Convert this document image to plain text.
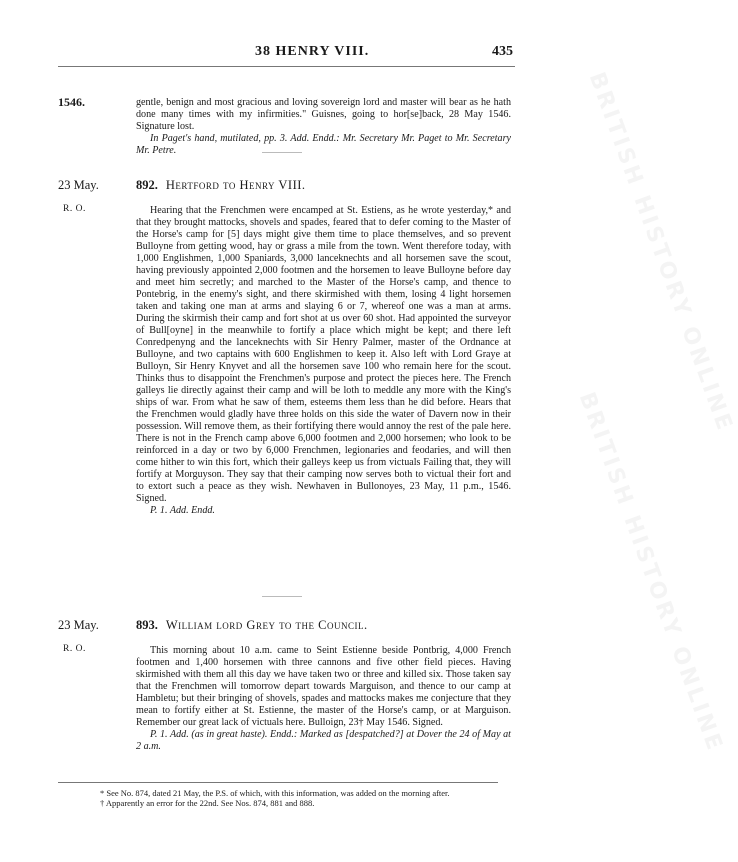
38 HENRY VIII.	435
1546.	gentle, benign and most gracious and loving sovereign lord and master will bear as he hath done many times with my infirmities." Guisnes, going to hor[se]back, 28 May 1546. Signature lost.
In Paget's hand, mutilated, pp. 3. Add. Endd.: Mr. Secretary Mr. Paget to Mr. Secretary Mr. Petre.
23 May.
R. O.
892. Hertford to Henry VIII.
Hearing that the Frenchmen were encamped at St. Estiens, as he wrote yesterday,* and that they brought mattocks, shovels and spades, feared that to defer coming to the Master of the Horse's camp for [5] days might give them time to place themselves, and so prevent Bulloyne from getting wood, hay or grass a mile from the town. Went therefore today, with 1,000 Englishmen, 1,000 Spaniards, 3,000 lanceknechts and all horsemen save the scout, having previously appointed 2,000 footmen and the horsemen to leave Bulloyne before day and meet him secretly; and marched to the Master of the Horse's camp, and thence to Pontebrig, in the enemy's sight, and there skirmished with them, losing 4 light horsemen taken and taking one man at arms and slaying 6 or 7, whereof one was a man at arms. During the skirmish their camp and fort shot at us over 60 shot. Had appointed the surveyor of Bull[oyne] in the meanwhile to fortify a place which might be kept; and there left Conredpenyng and the lanceknechts with Sir Henry Palmer, master of the Ordnance at Bulloyne, and two captains with 600 Englishmen to keep it. Also left with Lord Graye at Bulloyn, Sir Henry Knyvet and all the horsemen save 100 who remain here for the scout. Thinks thus to disappoint the Frenchmen's purpose and protect the pieces here. The French galleys lie directly against their camp and will be loth to meddle any more with the King's ships of war. From what he saw of them, esteems them less than he did before. Hears that the Frenchmen would gladly have three holds on this side the water of Davern now in their possession. Will remove them, as their fortifying there would annoy the rest of the pale here. There is not in the French camp above 6,000 footmen and 2,000 horsemen; who look to be reinforced in a day or two by 6,000 Frenchmen, legionaries and feodaries, and will then come hither to win this fort, which their galleys keep us from victuals Failing that, they will fortify at Morguyson. They say that their camping now serves both to victual their fort and to extort such a peace as they wish. Newhaven in Bullonoyes, 23 May, 11 p.m., 1546. Signed.
P. 1. Add. Endd.
23 May.
R. O.
893. William lord Grey to the Council.
This morning about 10 a.m. came to Seint Estienne beside Pontbrig, 4,000 French footmen and 1,400 horsemen with three cannons and five other field pieces. Having skirmished with them all this day we have taken two or three and killed six. Those taken say that the Frenchmen will tomorrow depart towards Marguison, and thence to our camp at Hambletu; but their bringing of shovels, spades and mattocks makes me conjecture that they mean to fortify either at St. Estienne, the master of the Horse's camp, or at Marguison. Remember our great lack of victuals here. Bulloign, 23† May 1546. Signed.
P. 1. Add. (as in great haste). Endd.: Marked as [despatched?] at Dover the 24 of May at 2 a.m.
* See No. 874, dated 21 May, the P.S. of which, with this information, was added on the morning after.
† Apparently an error for the 22nd. See Nos. 874, 881 and 888.
BRITISH HISTORY ONLINE
BRITISH HISTORY ONLINE
